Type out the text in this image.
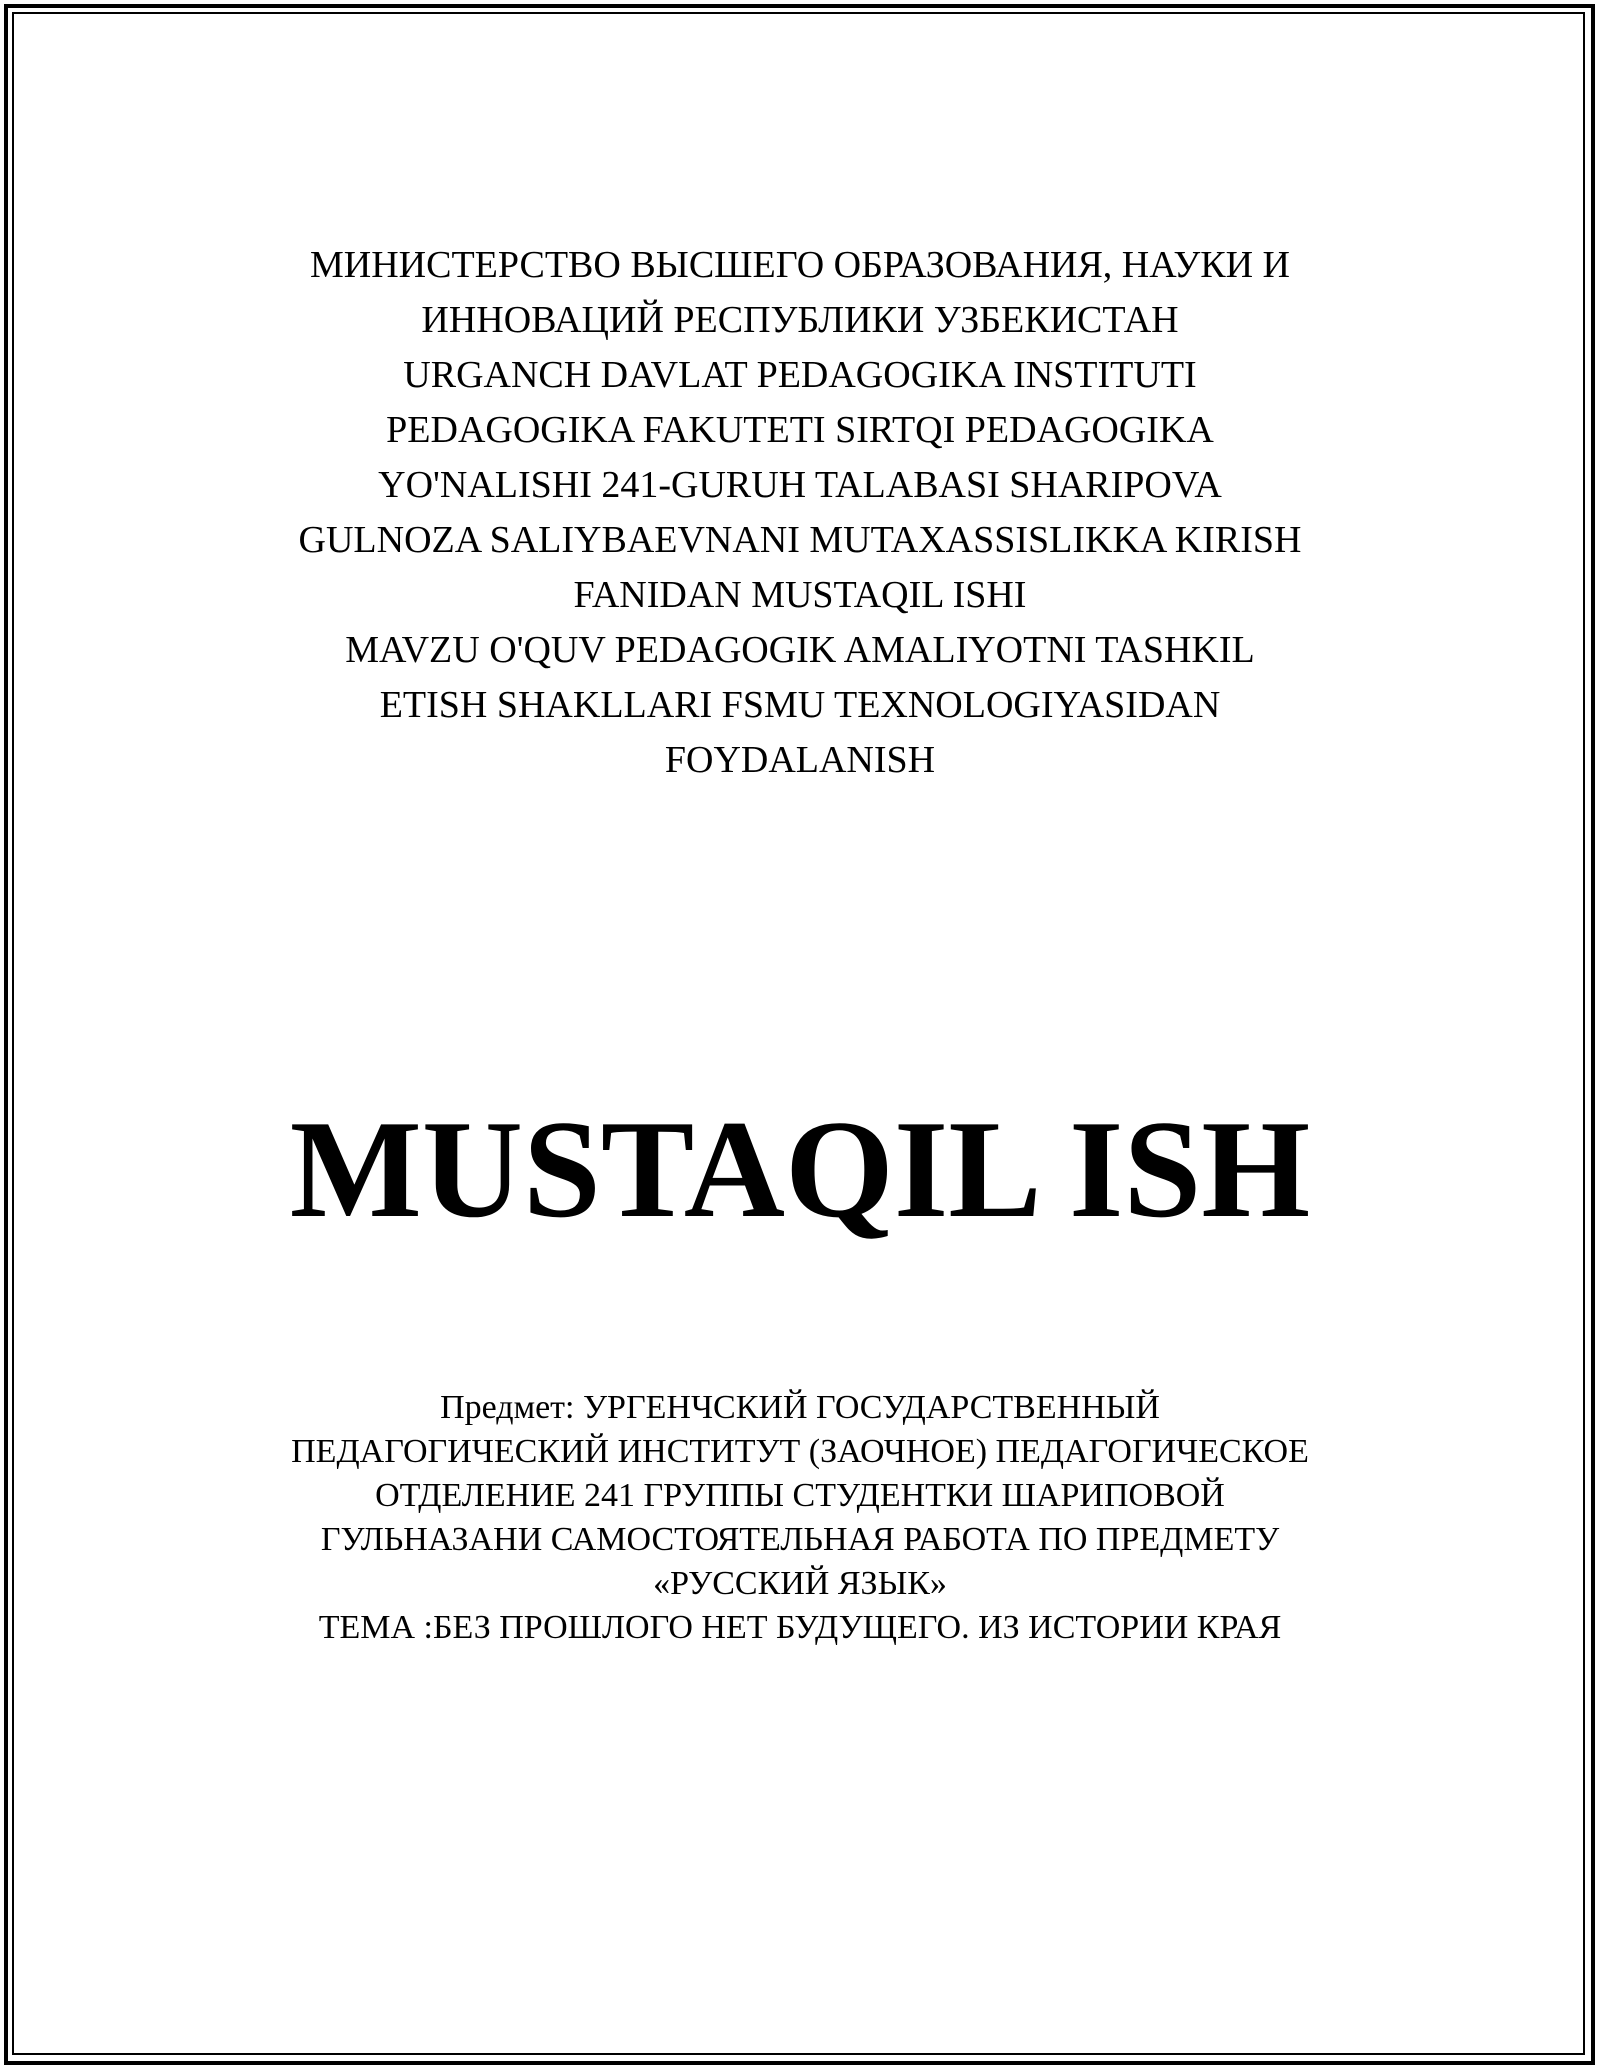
МИНИСТЕРСТВО ВЫСШЕГО ОБРАЗОВАНИЯ, НАУКИ И
ИННОВАЦИЙ РЕСПУБЛИКИ УЗБЕКИСТАН
URGANCH DAVLAT PEDAGOGIKA INSTITUTI
PEDAGOGIKA FAKUTETI SIRTQI PEDAGOGIKA
YO'NALISHI 241-GURUH TALABASI SHARIPOVA
GULNOZA SALIYBAEVNANI MUTAXASSISLIKKA KIRISH
FANIDAN MUSTAQIL ISHI
MAVZU O'QUV PEDAGOGIK AMALIYOTNI TASHKIL
ETISH SHAKLLARI FSMU TEXNOLOGIYASIDAN
FOYDALANISH
MUSTAQIL ISH
Предмет: УРГЕНЧСКИЙ ГОСУДАРСТВЕННЫЙ
ПЕДАГОГИЧЕСКИЙ ИНСТИТУТ (ЗАОЧНОЕ) ПЕДАГОГИЧЕСКОЕ
ОТДЕЛЕНИЕ 241 ГРУППЫ СТУДЕНТКИ ШАРИПОВОЙ
ГУЛЬНАЗАНИ САМОСТОЯТЕЛЬНАЯ РАБОТА ПО ПРЕДМЕТУ
«РУССКИЙ ЯЗЫК»
ТЕМА :БЕЗ ПРОШЛОГО НЕТ БУДУЩЕГО. ИЗ ИСТОРИИ КРАЯ
